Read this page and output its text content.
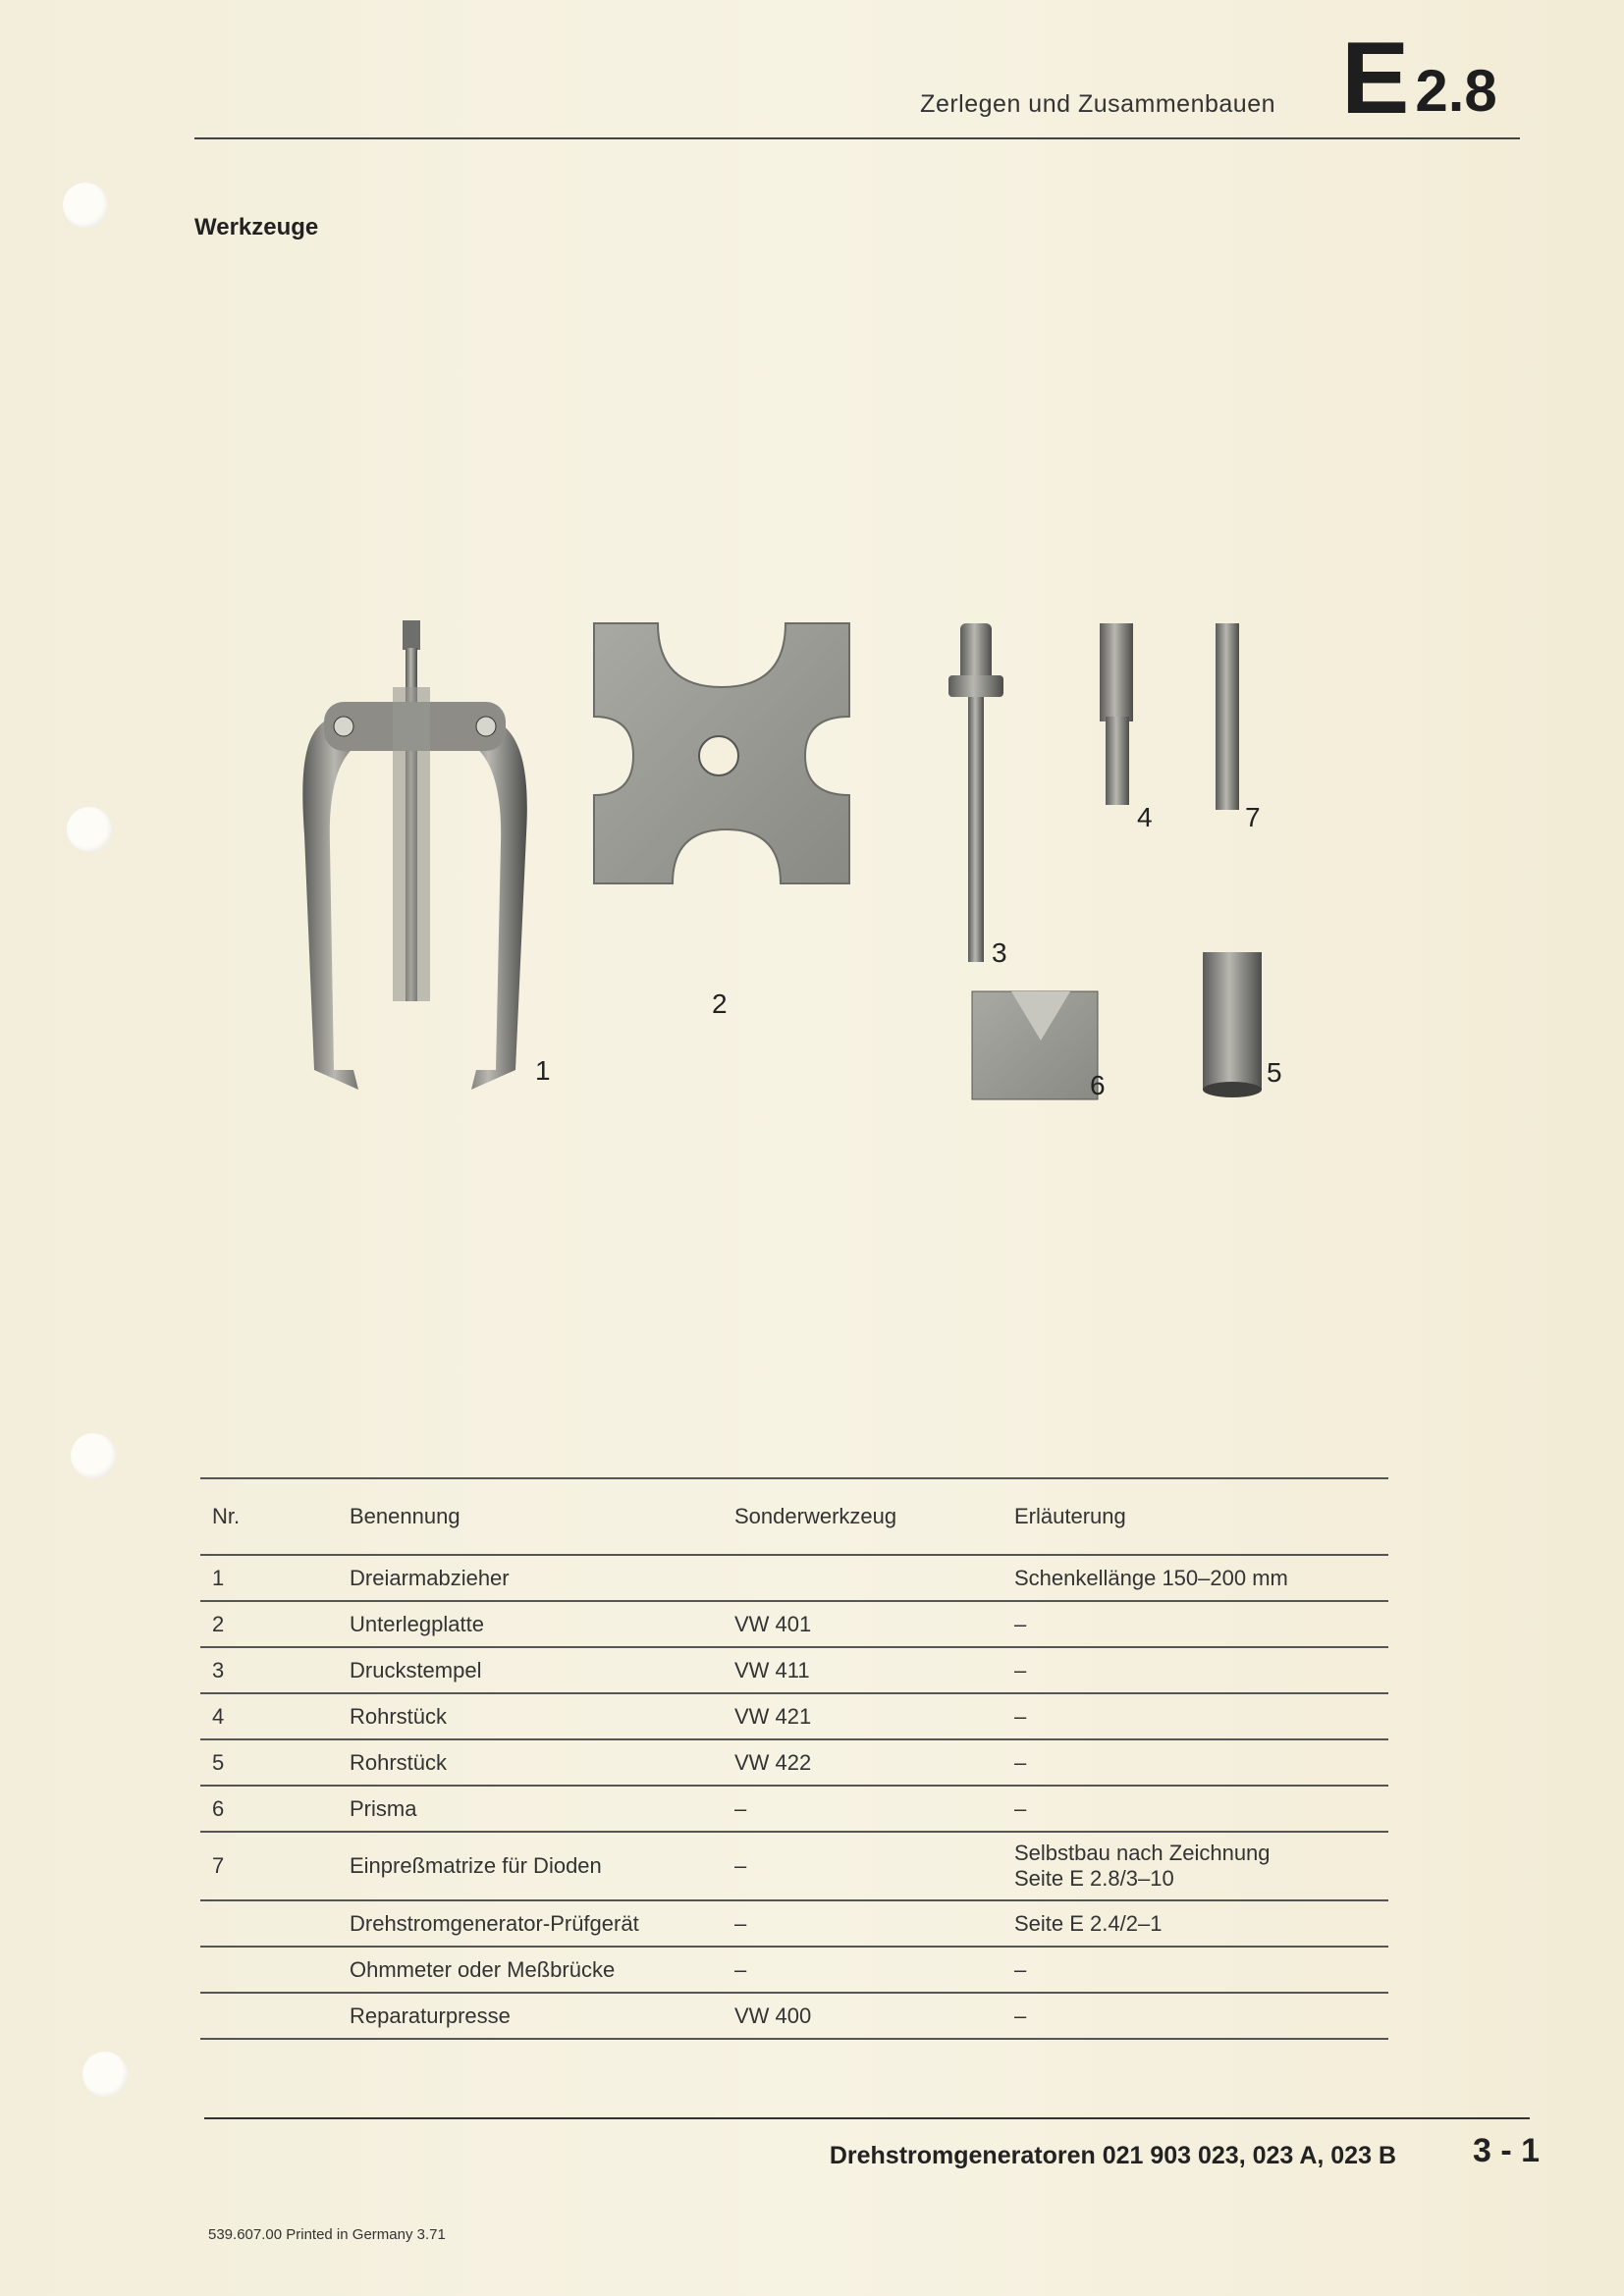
Zerlegen und Zusammenbauen E 2.8
Werkzeuge
1
2
3
4	7
6	5
Nr.	Benennung	Sonderwerkzeug	Erläuterung
1	Dreiarmabzieher		Schenkellänge 150–200 mm
2	Unterlegplatte	VW 401	–
3	Druckstempel	VW 411	–
4	Rohrstück	VW 421	–
5	Rohrstück	VW 422	–
6	Prisma	–	–
7	Einpreßmatrize für Dioden	–	Selbstbau nach Zeichnung
Seite E 2.8/3–10

	Drehstromgenerator-Prüfgerät	–	Seite E 2.4/2–1
	Ohmmeter oder Meßbrücke	–	–
	Reparaturpresse	VW 400	–
Drehstromgeneratoren 021 903 023, 023 A, 023 B 3 - 1
539.607.00 Printed in Germany 3.71
